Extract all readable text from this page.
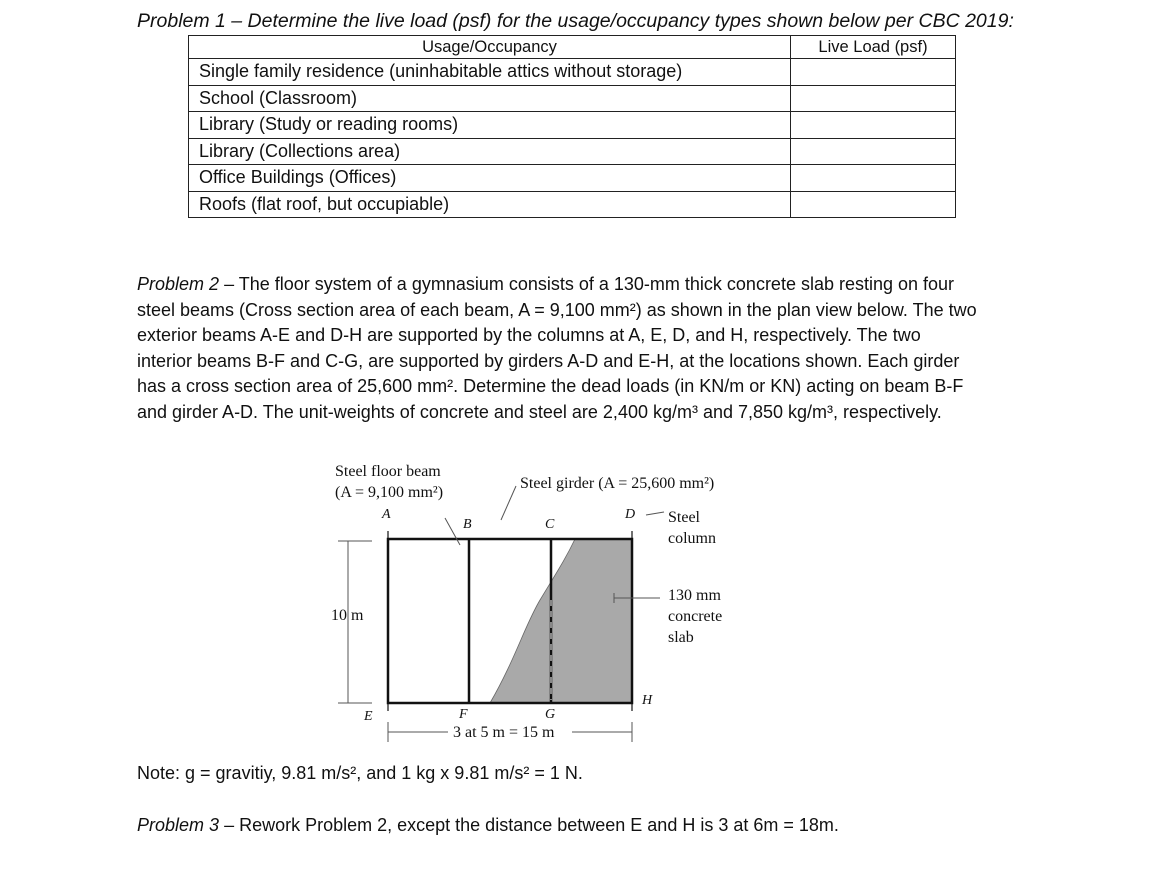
Problem 1 – Determine the live load (psf) for the usage/occupancy types shown below per CBC 2019:
Usage/Occupancy	Live Load (psf)
Single family residence (uninhabitable attics without storage)	
School (Classroom)	
Library (Study or reading rooms)	
Library (Collections area)	
Office Buildings (Offices)	
Roofs (flat roof, but occupiable)	
Problem 2 – The floor system of a gymnasium consists of a 130-mm thick concrete slab resting on four
steel beams (Cross section area of each beam, A = 9,100 mm²) as shown in the plan view below. The two
exterior beams A-E and D-H are supported by the columns at A, E, D, and H, respectively. The two
interior beams B-F and C-G, are supported by girders A-D and E-H, at the locations shown. Each girder
has a cross section area of 25,600 mm². Determine the dead loads (in KN/m or KN) acting on beam B-F
and girder A-D. The unit-weights of concrete and steel are 2,400 kg/m³ and 7,850 kg/m³, respectively.
Steel floor beam
(A = 9,100 mm²)
Steel girder (A = 25,600 mm²)
Steel
column
130 mm
concrete
slab
10 m
3 at 5 m = 15 m
A
B	C
D
E	F	G
H
Note: g = gravitiy, 9.81 m/s², and 1 kg x 9.81 m/s² = 1 N.
Problem 3 – Rework Problem 2, except the distance between E and H is 3 at 6m = 18m.
